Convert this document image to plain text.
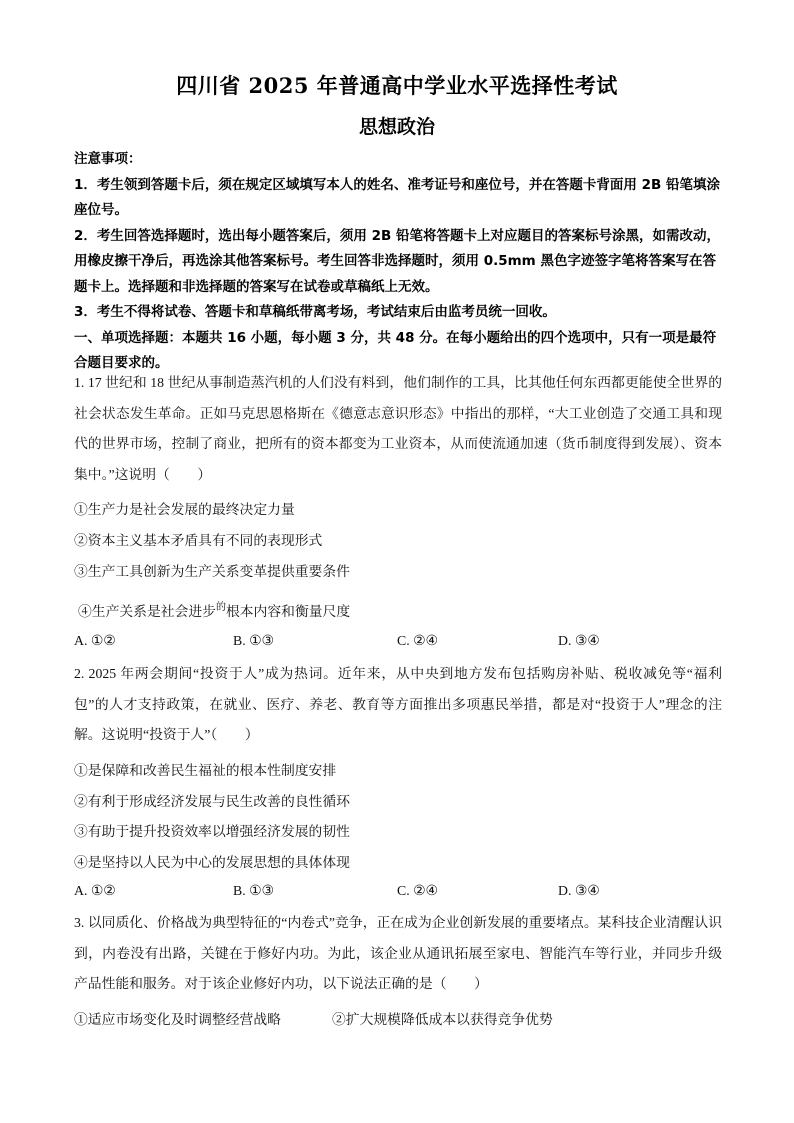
四川省 2025 年普通高中学业水平选择性考试
思想政治

注意事项：

1．考生领到答题卡后，须在规定区域填写本人的姓名、准考证号和座位号，并在答题卡背面用 2B 铅笔填涂座位号。

2．考生回答选择题时，选出每小题答案后，须用 2B 铅笔将答题卡上对应题目的答案标号涂黑，如需改动，用橡皮擦干净后，再选涂其他答案标号。考生回答非选择题时，须用 0.5mm 黑色字迹签字笔将答案写在答题卡上。选择题和非选择题的答案写在试卷或草稿纸上无效。

3．考生不得将试卷、答题卡和草稿纸带离考场，考试结束后由监考员统一回收。

一、单项选择题：本题共 16 小题，每小题 3 分，共 48 分。在每小题给出的四个选项中，只有一项是最符合题目要求的。

1. 17 世纪和 18 世纪从事制造蒸汽机的人们没有料到，他们制作的工具，比其他任何东西都更能使全世界的社会状态发生革命。正如马克思恩格斯在《德意志意识形态》中指出的那样，“大工业创造了交通工具和现代的世界市场，控制了商业，把所有的资本都变为工业资本，从而使流通加速（货币制度得到发展）、资本集中。”这说明（　　）

①生产力是社会发展的最终决定力量
②资本主义基本矛盾具有不同的表现形式
③生产工具创新为生产关系变革提供重要条件
④生产关系是社会进步$^的$根本内容和衡量尺度
A. ①②	B. ①③	C. ②④	D. ③④

2. 2025 年两会期间“投资于人”成为热词。近年来，从中央到地方发布包括购房补贴、税收减免等“福利包”的人才支持政策，在就业、医疗、养老、教育等方面推出多项惠民举措，都是对“投资于人”理念的注解。这说明“投资于人”（　　）

①是保障和改善民生福祉的根本性制度安排
②有利于形成经济发展与民生改善的良性循环
③有助于提升投资效率以增强经济发展的韧性
④是坚持以人民为中心的发展思想的具体体现
A. ①②	B. ①③	C. ②④	D. ③④

3. 以同质化、价格战为典型特征的“内卷式”竞争，正在成为企业创新发展的重要堵点。某科技企业清醒认识到，内卷没有出路，关键在于修好内功。为此，该企业从通讯拓展至家电、智能汽车等行业，并同步升级产品性能和服务。对于该企业修好内功，以下说法正确的是（　　）

①适应市场变化及时调整经营战略	②扩大规模降低成本以获得竞争优势
